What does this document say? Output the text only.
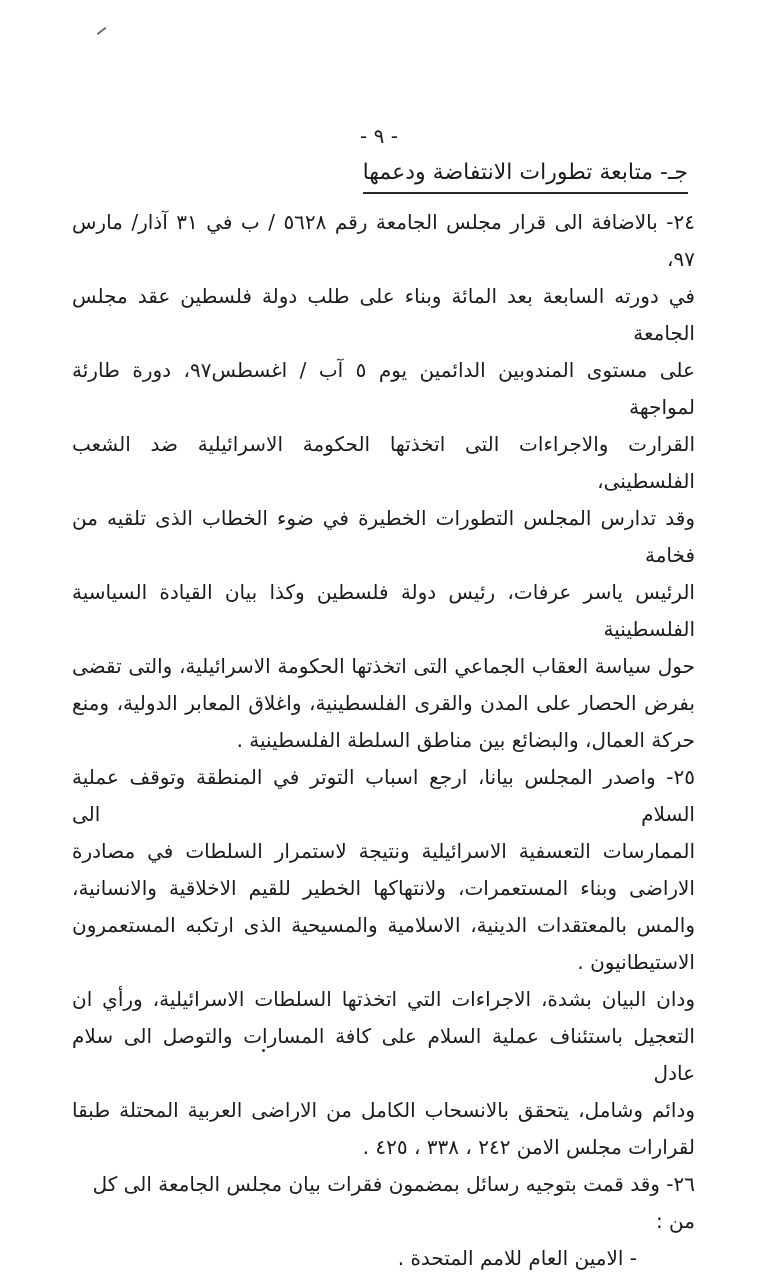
- ٩ -
جـ- متابعة تطورات الانتفاضة ودعمها
٢٤- بالاضافة الى قرار مجلس الجامعة رقم ٥٦٢٨ / ب في ٣١ آذار/ مارس ٩٧،
في دورته السابعة بعد المائة وبناء على طلب دولة فلسطين عقد مجلس الجامعة
على مستوى المندوبين الدائمين يوم ٥ آب / اغسطس٩٧، دورة طارئة لمواجهة
القرارت والاجراءات التى اتخذتها الحكومة الاسرائيلية ضد الشعب الفلسطينى،
وقد تدارس المجلس التطورات الخطيرة في ضوء الخطاب الذى تلقيه من فخامة
الرئيس ياسر عرفات، رئيس دولة فلسطين وكذا بيان القيادة السياسية الفلسطينية
حول سياسة العقاب الجماعي التى اتخذتها الحكومة الاسرائيلية، والتى تقضى
بفرض الحصار على المدن والقرى الفلسطينية، واغلاق المعابر الدولية، ومنع
حركة العمال، والبضائع بين مناطق السلطة الفلسطينية .
٢٥- واصدر المجلس بيانا، ارجع اسباب التوتر في المنطقة وتوقف عملية السلام الى
الممارسات التعسفية الاسرائيلية ونتيجة لاستمرار السلطات في مصادرة
الاراضى وبناء المستعمرات، ولانتهاكها الخطير للقيم الاخلاقية والانسانية،
والمس بالمعتقدات الدينية، الاسلامية والمسيحية الذى ارتكبه المستعمرون
الاستيطانيون .
ودان البيان بشدة، الاجراءات التي اتخذتها السلطات الاسرائيلية، ورأي ان
التعجيل باستئناف عملية السلام على كافة المسارات والتوصل الى سلام عادل
ودائم وشامل، يتحقق بالانسحاب الكامل من الاراضى العربية المحتلة طبقا
لقرارات مجلس الامن ٢٤٢ ، ٣٣٨ ، ٤٢٥ .
٢٦- وقد قمت بتوجيه رسائل بمضمون فقرات بيان مجلس الجامعة الى كل من :
- الامين العام للامم المتحدة .
